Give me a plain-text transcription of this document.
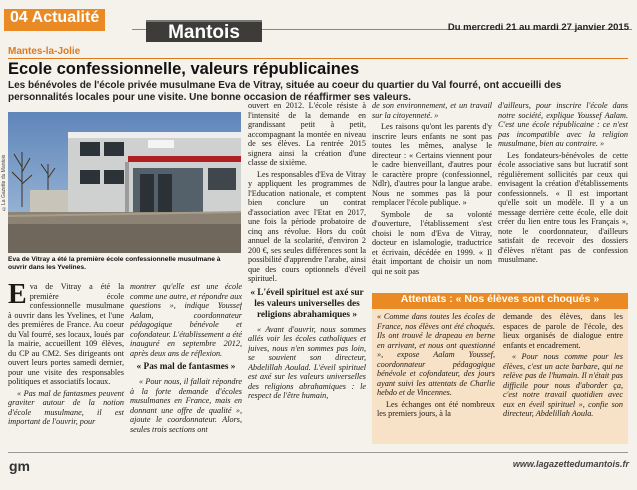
04 Actualité
Mantois	Du mercredi 21 au mardi 27 janvier 2015
Mantes-la-Jolie
Ecole confessionnelle, valeurs républicaines
Les bénévoles de l'école privée musulmane Eva de Vitray, située au coeur du quartier du Val fourré, ont accueilli des personnalités locales pour une visite. Une bonne occasion de réaffirmer ses valeurs.
©La Gazette du Mantois
Eva de Vitray a été la première école confessionnelle musulmane à ouvrir dans les Yvelines.

Eva de Vitray a été la première école confessionnelle musulmane à ouvrir dans les Yvelines, et l'une des premières de France. Au coeur du Val fourré, ses locaux, loués par la mairie, accueillent 109 élèves, du CP au CM2. Ses dirigeants ont ouvert leurs portes samedi dernier, pour une visite des responsables politiques et associatifs locaux.

« Pas mal de fantasmes peuvent graviter autour de la notion d'école musulmane, il est important de l'ouvrir, pour

montrer qu'elle est une école comme une autre, et répondre aux questions », indique Youssef Aalam, coordonnateur pédagogique bénévole et cofondateur. L'établissement a été inauguré en septembre 2012, après deux ans de réflexion.

« Pas mal de fantasmes »

« Pour nous, il fallait répondre à la forte demande d'écoles musulmanes en France, mais en donnant une offre de qualité », ajoute le coordonnateur. Alors, seules trois sections ont

ouvert en 2012. L'école résiste à l'intensité de la demande en grandissant petit à petit, accompagnant la montée en niveau de ses élèves. La rentrée 2015 signera ainsi la création d'une classe de sixième.

Les responsables d'Eva de Vitray y appliquent les programmes de l'Education nationale, et comptent bien conclure un contrat d'association avec l'Etat en 2017, une fois la période probatoire de cinq ans révolue. Hors du coût annuel de la scolarité, d'environ 2 200 €, ses seules différences sont la possibilité d'apprendre l'arabe, ainsi que des cours optionnels d'éveil spirituel.

« L'éveil spirituel est axé sur les valeurs universelles des religions abrahamiques »

« Avant d'ouvrir, nous sommes allés voir les écoles catholiques et juives, nous n'en sommes pas loin, se souvient son directeur, Abdelillah Aoulad. L'éveil spirituel est axé sur les valeurs universelles des religions abrahamiques : le respect de l'être humain,

de son environnement, et un travail sur la citoyenneté. »

Les raisons qu'ont les parents d'y inscrire leurs enfants ne sont pas toutes les mêmes, analyse le directeur : « Certains viennent pour le cadre bienveillant, d'autres pour le caractère propre (confessionnel, Ndlr), d'autres pour la langue arabe. Nous ne sommes pas là pour remplacer l'école publique. »

Symbole de sa volonté d'ouverture, l'établissement s'est choisi le nom d'Eva de Vitray, docteur en islamologie, traductrice et écrivain, décédée en 1999. « Il était important de choisir un nom qui ne soit pas

d'ailleurs, pour inscrire l'école dans notre société, explique Youssef Aalam. C'est une école républicaine : ce n'est pas incompatible avec la religion musulmane, bien au contraire. »

Les fondateurs-bénévoles de cette école associative sans but lucratif sont régulièrement sollicités par ceux qui envisagent la création d'établissements confessionnels. « Il est important qu'elle soit un modèle. Il y a un message derrière cette école, elle doit créer du lien entre tous les Français », note le coordonnateur, d'ailleurs satisfait de recevoir des dossiers d'élèves n'étant pas de confession musulmane.

Attentats : « Nos élèves sont choqués »

« Comme dans toutes les écoles de France, nos élèves ont été choqués. Ils ont trouvé le drapeau en berne en arrivant, et nous ont questionné », expose Aalam Youssef, coordonnateur pédagogique bénévole et cofondateur, des jours ayant suivi les attentats de Charlie hebdo et de Vincennes.

Les échanges ont été nombreux les premiers jours, à la

demande des élèves, dans les espaces de parole de l'école, des lieux organisés de dialogue entre enfants et encadrement.

« Pour nous comme pour les élèves, c'est un acte barbare, qui ne relève pas de l'humain. Il n'était pas difficile pour nous d'aborder ça, c'est notre travail quotidien avec eux en éveil spirituel », confie son directeur, Abdelillah Aoula.

gm	www.lagazettedumantois.fr
